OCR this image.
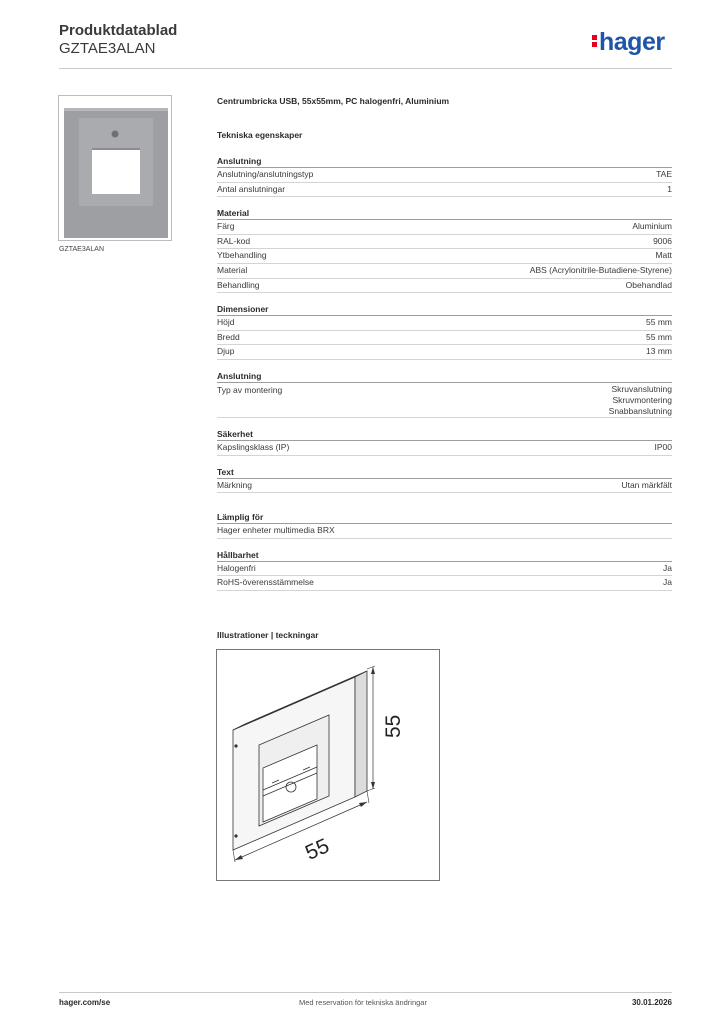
Produktdatablad
GZTAE3ALAN	hager
GZTAE3ALAN
Centrumbricka USB, 55x55mm, PC halogenfri, Aluminium
Tekniska egenskaper
Anslutning
Anslutning/anslutningstyp	TAE
Antal anslutningar	1
Material
Färg	Aluminium
RAL-kod	9006
Ytbehandling	Matt
Material	ABS (Acrylonitrile-Butadiene-Styrene)
Behandling	Obehandlad
Dimensioner
Höjd	55 mm
Bredd	55 mm
Djup	13 mm
Anslutning
Typ av montering	Skruvanslutning
Skruvmontering
Snabbanslutning
Säkerhet
Kapslingsklass (IP)	IP00
Text
Märkning	Utan märkfält
Lämplig för
Hager enheter multimedia BRX
Hållbarhet
Halogenfri	Ja
RoHS-överensstämmelse	Ja
Illustrationer | teckningar
55
55
hager.com/se	Med reservation för tekniska ändringar	30.01.2026
